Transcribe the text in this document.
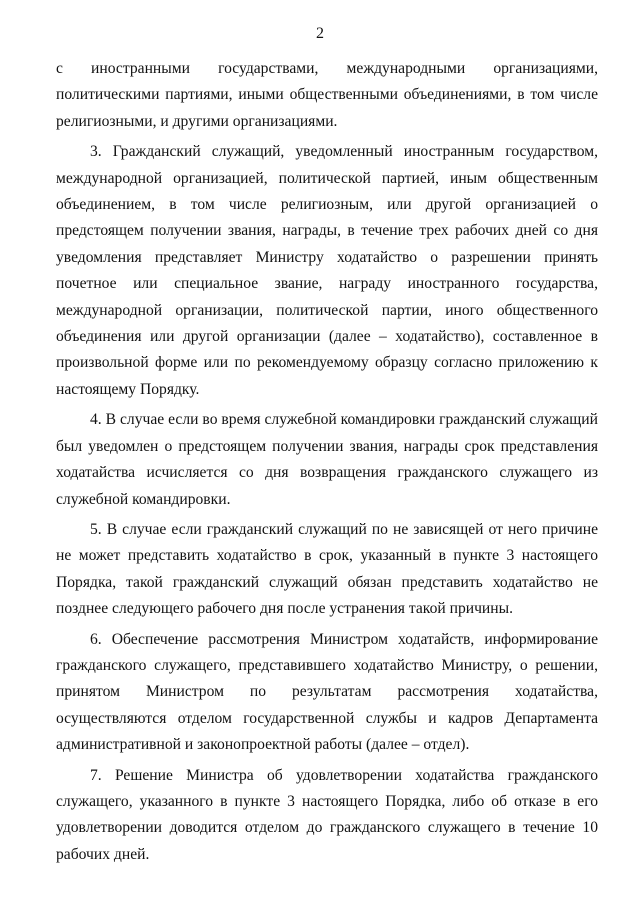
2

с иностранными государствами, международными организациями, политическими партиями, иными общественными объединениями, в том числе религиозными, и другими организациями.

3. Гражданский служащий, уведомленный иностранным государством, международной организацией, политической партией, иным общественным объединением, в том числе религиозным, или другой организацией о предстоящем получении звания, награды, в течение трех рабочих дней со дня уведомления представляет Министру ходатайство о разрешении принять почетное или специальное звание, награду иностранного государства, международной организации, политической партии, иного общественного объединения или другой организации (далее – ходатайство), составленное в произвольной форме или по рекомендуемому образцу согласно приложению к настоящему Порядку.

4. В случае если во время служебной командировки гражданский служащий был уведомлен о предстоящем получении звания, награды срок представления ходатайства исчисляется со дня возвращения гражданского служащего из служебной командировки.

5. В случае если гражданский служащий по не зависящей от него причине не может представить ходатайство в срок, указанный в пункте 3 настоящего Порядка, такой гражданский служащий обязан представить ходатайство не позднее следующего рабочего дня после устранения такой причины.

6. Обеспечение рассмотрения Министром ходатайств, информирование гражданского служащего, представившего ходатайство Министру, о решении, принятом Министром по результатам рассмотрения ходатайства, осуществляются отделом государственной службы и кадров Департамента административной и законопроектной работы (далее – отдел).

7. Решение Министра об удовлетворении ходатайства гражданского служащего, указанного в пункте 3 настоящего Порядка, либо об отказе в его удовлетворении доводится отделом до гражданского служащего в течение 10 рабочих дней.
